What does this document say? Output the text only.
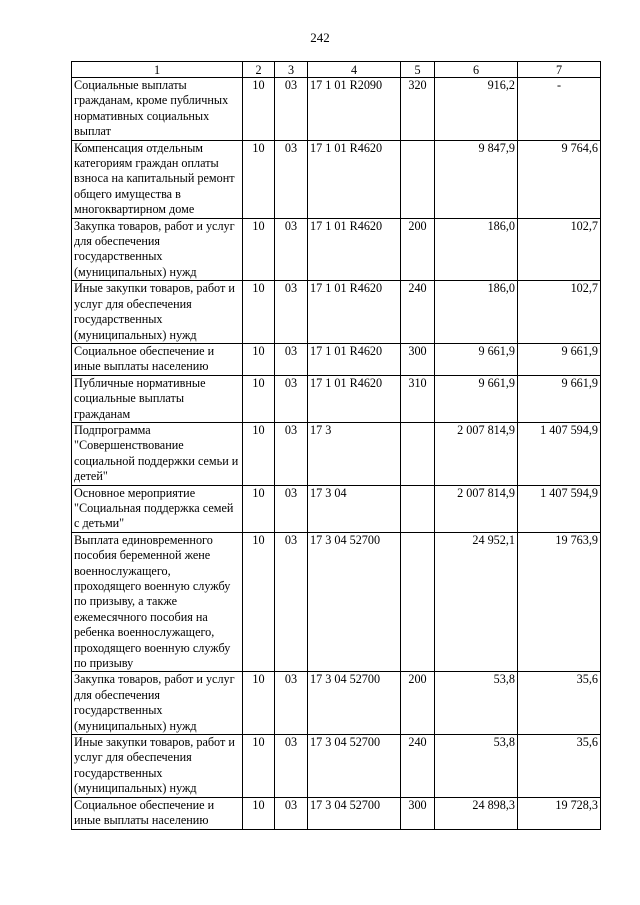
242
1	2	3	4	5	6	7
Социальные выплаты гражданам, кроме публичных нормативных социальных выплат	10	03	17 1 01 R2090	320	916,2	-
Компенсация отдельным категориям граждан оплаты взноса на капитальный ремонт общего имущества в многоквартирном доме	10	03	17 1 01 R4620		9 847,9	9 764,6
Закупка товаров, работ и услуг для обеспечения государственных (муниципальных) нужд	10	03	17 1 01 R4620	200	186,0	102,7
Иные закупки товаров, работ и услуг для обеспечения государственных (муниципальных) нужд	10	03	17 1 01 R4620	240	186,0	102,7
Социальное обеспечение и иные выплаты населению	10	03	17 1 01 R4620	300	9 661,9	9 661,9
Публичные нормативные социальные выплаты гражданам	10	03	17 1 01 R4620	310	9 661,9	9 661,9
Подпрограмма "Совершенствование социальной поддержки семьи и детей"	10	03	17 3		2 007 814,9	1 407 594,9
Основное мероприятие "Социальная поддержка семей с детьми"	10	03	17 3 04		2 007 814,9	1 407 594,9
Выплата единовременного пособия беременной жене военнослужащего, проходящего военную службу по призыву, а также ежемесячного пособия на ребенка военнослужащего, проходящего военную службу по призыву	10	03	17 3 04 52700		24 952,1	19 763,9
Закупка товаров, работ и услуг для обеспечения государственных (муниципальных) нужд	10	03	17 3 04 52700	200	53,8	35,6
Иные закупки товаров, работ и услуг для обеспечения государственных (муниципальных) нужд	10	03	17 3 04 52700	240	53,8	35,6
Социальное обеспечение и иные выплаты населению	10	03	17 3 04 52700	300	24 898,3	19 728,3
